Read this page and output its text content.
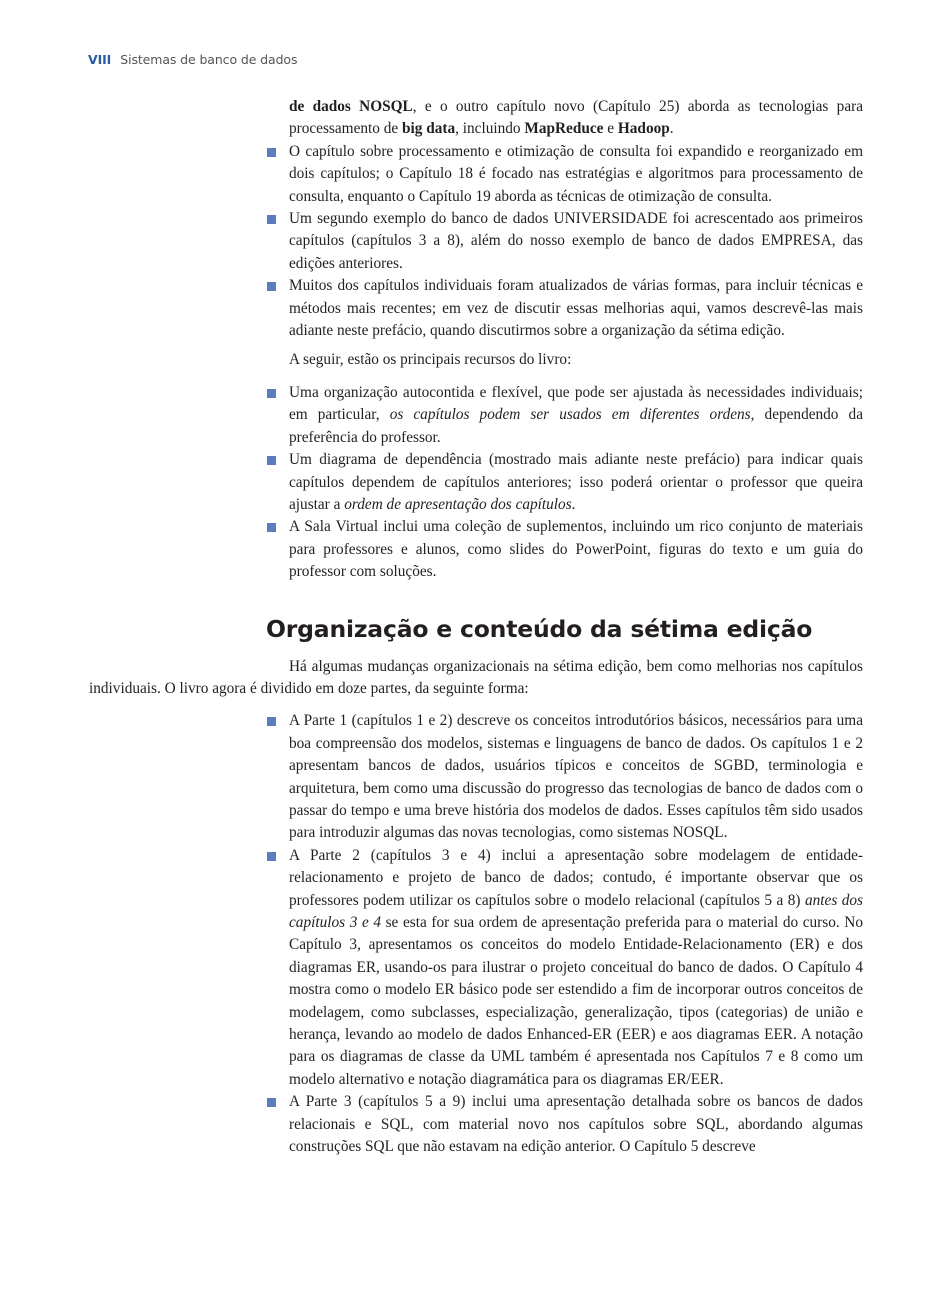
VIII Sistemas de banco de dados

de dados NOSQL, e o outro capítulo novo (Capítulo 25) aborda as tecnologias para processamento de big data, incluindo MapReduce e Hadoop.

O capítulo sobre processamento e otimização de consulta foi expandido e reorganizado em dois capítulos; o Capítulo 18 é focado nas estratégias e algoritmos para processamento de consulta, enquanto o Capítulo 19 aborda as técnicas de otimização de consulta.
Um segundo exemplo do banco de dados UNIVERSIDADE foi acrescentado aos primeiros capítulos (capítulos 3 a 8), além do nosso exemplo de banco de dados EMPRESA, das edições anteriores.
Muitos dos capítulos individuais foram atualizados de várias formas, para incluir técnicas e métodos mais recentes; em vez de discutir essas melhorias aqui, vamos descrevê-las mais adiante neste prefácio, quando discutirmos sobre a organização da sétima edição.

A seguir, estão os principais recursos do livro:

Uma organização autocontida e flexível, que pode ser ajustada às necessidades individuais; em particular, os capítulos podem ser usados em diferentes ordens, dependendo da preferência do professor.
Um diagrama de dependência (mostrado mais adiante neste prefácio) para indicar quais capítulos dependem de capítulos anteriores; isso poderá orientar o professor que queira ajustar a ordem de apresentação dos capítulos.
A Sala Virtual inclui uma coleção de suplementos, incluindo um rico conjunto de materiais para professores e alunos, como slides do PowerPoint, figuras do texto e um guia do professor com soluções.
Organização e conteúdo da sétima edição

Há algumas mudanças organizacionais na sétima edição, bem como melhorias nos capítulos individuais. O livro agora é dividido em doze partes, da seguinte forma:

A Parte 1 (capítulos 1 e 2) descreve os conceitos introdutórios básicos, necessários para uma boa compreensão dos modelos, sistemas e linguagens de banco de dados. Os capítulos 1 e 2 apresentam bancos de dados, usuários típicos e conceitos de SGBD, terminologia e arquitetura, bem como uma discussão do progresso das tecnologias de banco de dados com o passar do tempo e uma breve história dos modelos de dados. Esses capítulos têm sido usados para introduzir algumas das novas tecnologias, como sistemas NOSQL.
A Parte 2 (capítulos 3 e 4) inclui a apresentação sobre modelagem de entidade-relacionamento e projeto de banco de dados; contudo, é importante observar que os professores podem utilizar os capítulos sobre o modelo relacional (capítulos 5 a 8) antes dos capítulos 3 e 4 se esta for sua ordem de apresentação preferida para o material do curso. No Capítulo 3, apresentamos os conceitos do modelo Entidade-Relacionamento (ER) e dos diagramas ER, usando-os para ilustrar o projeto conceitual do banco de dados. O Capítulo 4 mostra como o modelo ER básico pode ser estendido a fim de incorporar outros conceitos de modelagem, como subclasses, especialização, generalização, tipos (categorias) de união e herança, levando ao modelo de dados Enhanced-ER (EER) e aos diagramas EER. A notação para os diagramas de classe da UML também é apresentada nos Capítulos 7 e 8 como um modelo alternativo e notação diagramática para os diagramas ER/EER.
A Parte 3 (capítulos 5 a 9) inclui uma apresentação detalhada sobre os bancos de dados relacionais e SQL, com material novo nos capítulos sobre SQL, abordando algumas construções SQL que não estavam na edição anterior. O Capítulo 5 descreve
